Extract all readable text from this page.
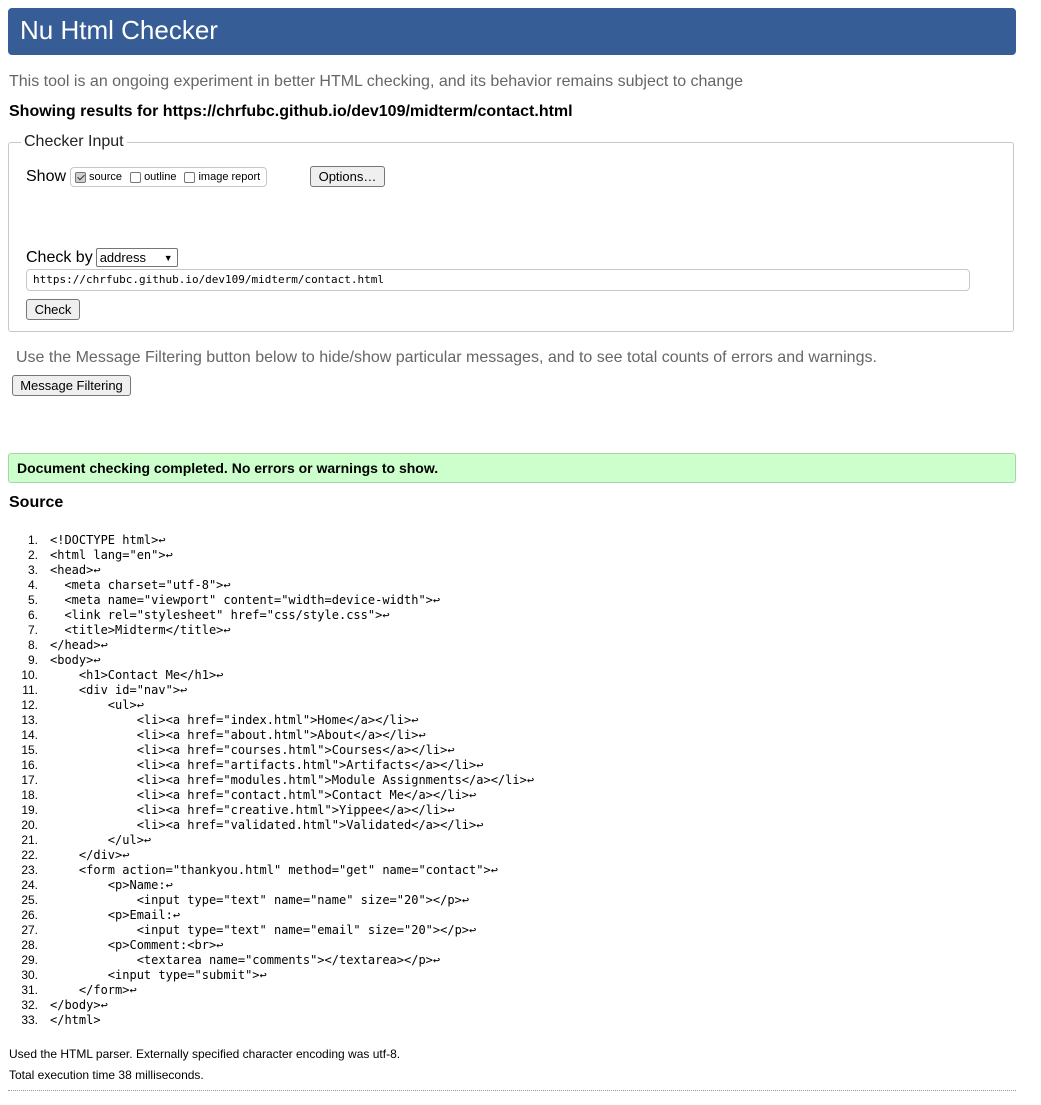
Nu Html Checker
This tool is an ongoing experiment in better HTML checking, and its behavior remains subject to change
Showing results for https://chrfubc.github.io/dev109/midterm/contact.html
Checker Input
Show source outline image report	Options…
Check by address ▼
https://chrfubc.github.io/dev109/midterm/contact.html
Check
Use the Message Filtering button below to hide/show particular messages, and to see total counts of errors and warnings.
Message Filtering
Document checking completed. No errors or warnings to show.
Source
1.	<!DOCTYPE html> ↩
2.	<html lang="en"> ↩
3.	<head> ↩
4.	<meta charset="utf-8"> ↩
5.	<meta name="viewport" content="width=device-width"> ↩
6.	<link rel="stylesheet" href="css/style.css"> ↩
7.	<title>Midterm</title> ↩
8.	</head> ↩
9.	<body> ↩
10.	<h1>Contact Me</h1> ↩
11.	<div id="nav"> ↩
12.	<ul> ↩
13.	<li><a href="index.html">Home</a></li> ↩
14.	<li><a href="about.html">About</a></li> ↩
15.	<li><a href="courses.html">Courses</a></li> ↩
16.	<li><a href="artifacts.html">Artifacts</a></li> ↩
17.	<li><a href="modules.html">Module Assignments</a></li> ↩
18.	<li><a href="contact.html">Contact Me</a></li> ↩
19.	<li><a href="creative.html">Yippee</a></li> ↩
20.	<li><a href="validated.html">Validated</a></li> ↩
21.	</ul> ↩
22.	</div> ↩
23.	<form action="thankyou.html" method="get" name="contact"> ↩
24.	<p>Name: ↩
25.	<input type="text" name="name" size="20"></p> ↩
26.	<p>Email: ↩
27.	<input type="text" name="email" size="20"></p> ↩
28.	<p>Comment:<br> ↩
29.	<textarea name="comments"></textarea></p> ↩
30.	<input type="submit"> ↩
31.	</form> ↩
32.	</body> ↩
33.	</html>
Used the HTML parser. Externally specified character encoding was utf-8.
Total execution time 38 milliseconds.
